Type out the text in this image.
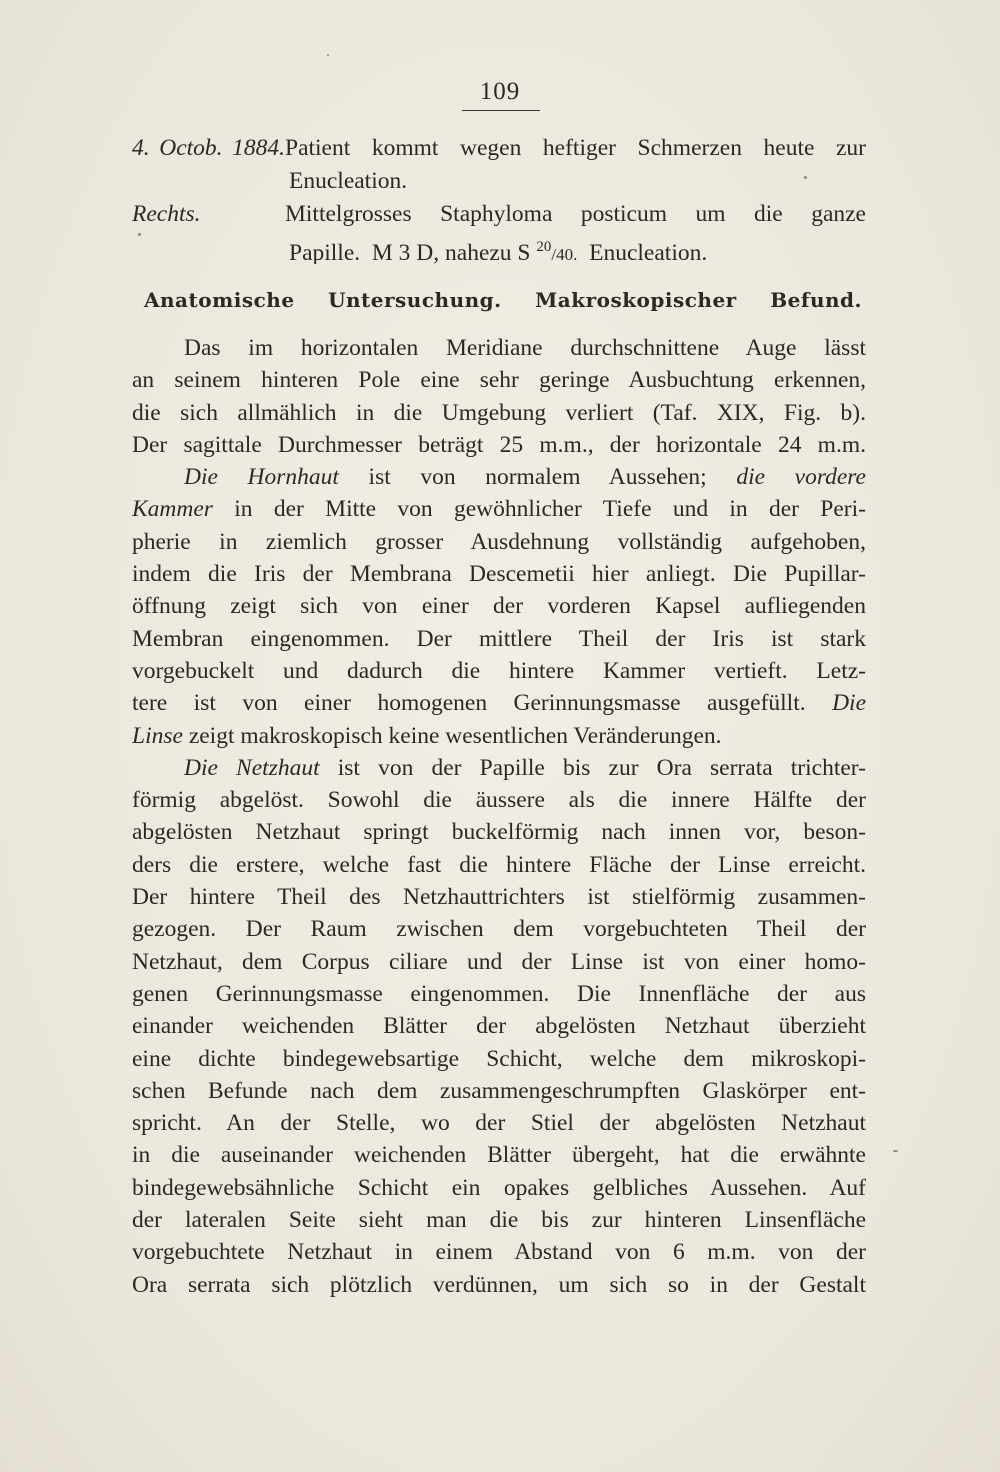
109
4. Octob. 1884.Patient kommt wegen heftiger Schmerzen heute zur
Enucleation.
Rechts.	Mittelgrosses Staphyloma posticum um die ganze
Papille.  M 3 D, nahezu S $^{20}$/40.  Enucleation.
Anatomische Untersuchung. Makroskopischer Befund.
Das im horizontalen Meridiane durchschnittene Auge lässt
an seinem hinteren Pole eine sehr geringe Ausbuchtung erkennen,
die sich allmählich in die Umgebung verliert (Taf. XIX, Fig. b).
Der sagittale Durchmesser beträgt 25 m.m., der horizontale 24 m.m.
Die Hornhaut ist von normalem Aussehen; die vordere
Kammer in der Mitte von gewöhnlicher Tiefe und in der Peri-
pherie in ziemlich grosser Ausdehnung vollständig aufgehoben,
indem die Iris der Membrana Descemetii hier anliegt. Die Pupillar-
öffnung zeigt sich von einer der vorderen Kapsel aufliegenden
Membran eingenommen. Der mittlere Theil der Iris ist stark
vorgebuckelt und dadurch die hintere Kammer vertieft. Letz-
tere ist von einer homogenen Gerinnungsmasse ausgefüllt. Die
Linse zeigt makroskopisch keine wesentlichen Veränderungen.
Die Netzhaut ist von der Papille bis zur Ora serrata trichter-
förmig abgelöst. Sowohl die äussere als die innere Hälfte der
abgelösten Netzhaut springt buckelförmig nach innen vor, beson-
ders die erstere, welche fast die hintere Fläche der Linse erreicht.
Der hintere Theil des Netzhauttrichters ist stielförmig zusammen-
gezogen. Der Raum zwischen dem vorgebuchteten Theil der
Netzhaut, dem Corpus ciliare und der Linse ist von einer homo-
genen Gerinnungsmasse eingenommen. Die Innenfläche der aus
einander weichenden Blätter der abgelösten Netzhaut überzieht
eine dichte bindegewebsartige Schicht, welche dem mikroskopi-
schen Befunde nach dem zusammengeschrumpften Glaskörper ent-
spricht. An der Stelle, wo der Stiel der abgelösten Netzhaut
in die auseinander weichenden Blätter übergeht, hat die erwähnte
bindegewebsähnliche Schicht ein opakes gelbliches Aussehen. Auf
der lateralen Seite sieht man die bis zur hinteren Linsenfläche
vorgebuchtete Netzhaut in einem Abstand von 6 m.m. von der
Ora serrata sich plötzlich verdünnen, um sich so in der Gestalt
